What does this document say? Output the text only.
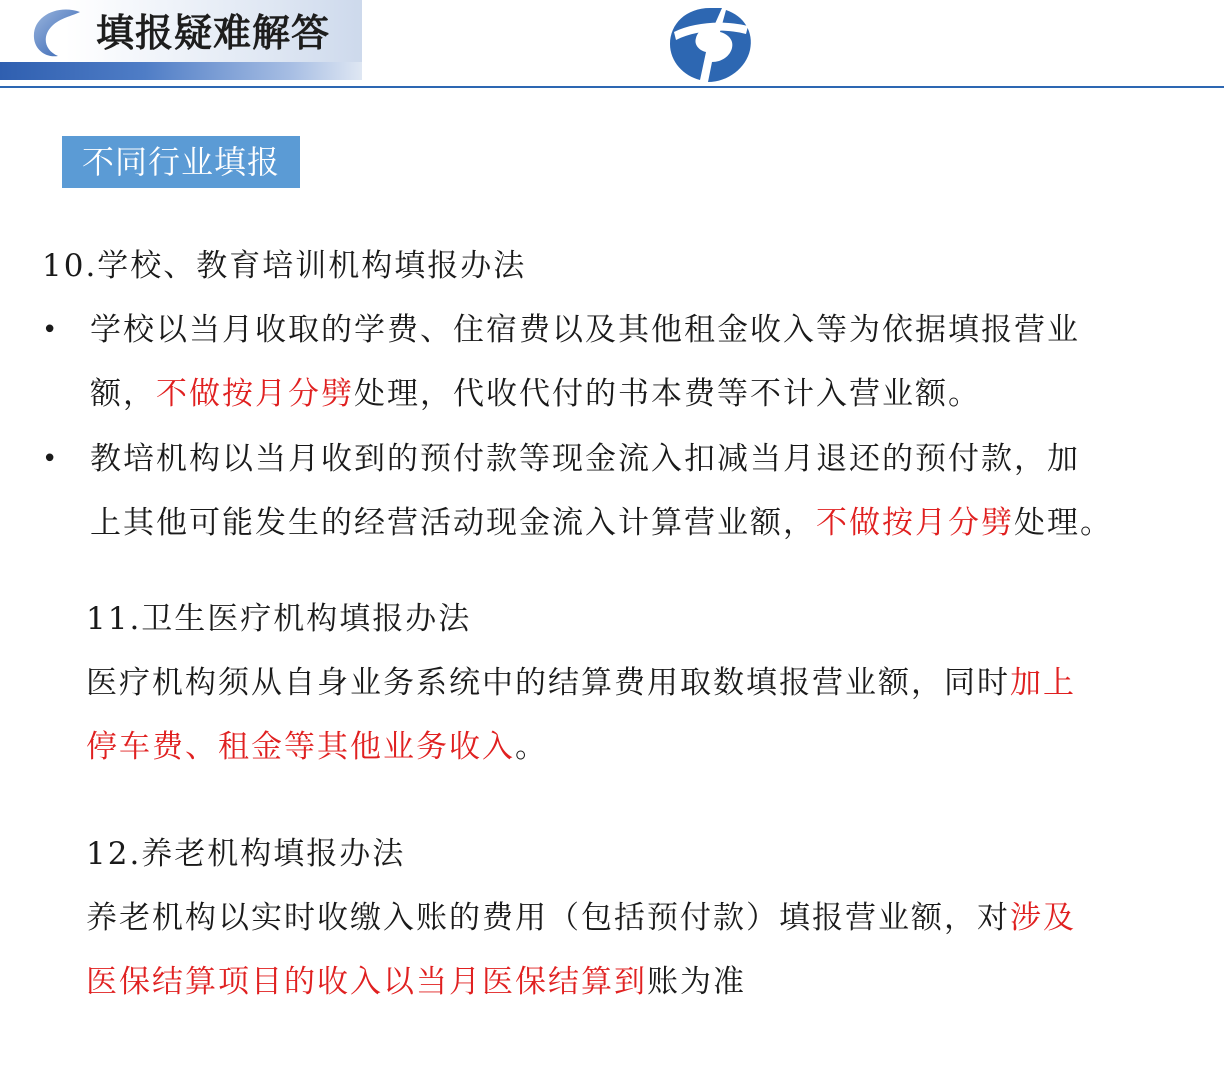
填报疑难解答
不同行业填报
10.学校、教育培训机构填报办法
• 学校以当月收取的学费、住宿费以及其他租金收入等为依据填报营业
额，不做按月分劈处理，代收代付的书本费等不计入营业额。
• 教培机构以当月收到的预付款等现金流入扣减当月退还的预付款，加
上其他可能发生的经营活动现金流入计算营业额，不做按月分劈处理。
11.卫生医疗机构填报办法
医疗机构须从自身业务系统中的结算费用取数填报营业额，同时加上
停车费、租金等其他业务收入。
12.养老机构填报办法
养老机构以实时收缴入账的费用（包括预付款）填报营业额，对涉及
医保结算项目的收入以当月医保结算到账为准
